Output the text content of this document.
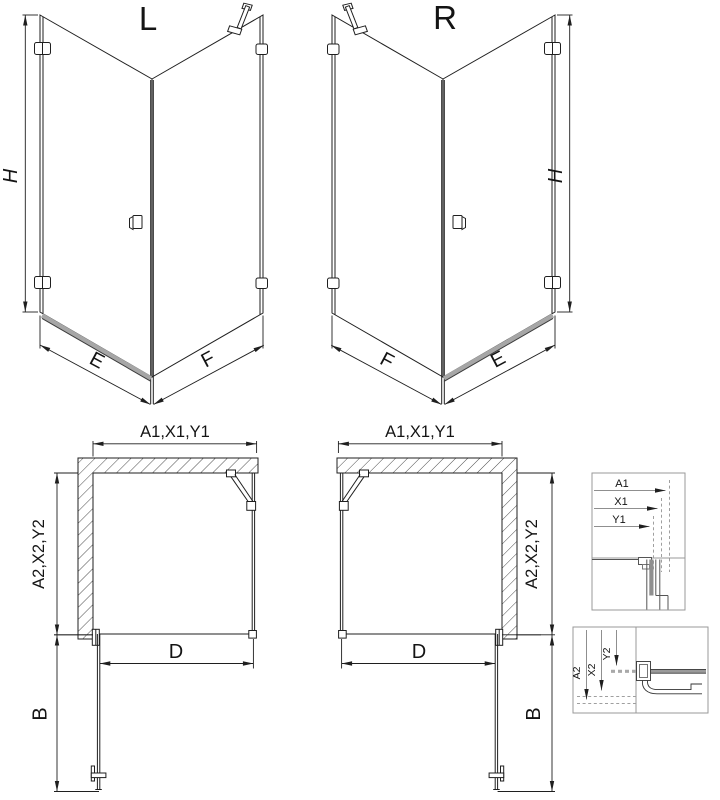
L	R
H
E	F
H
F	E
A1,X1,Y1
A2,X2,Y2
D
B
A1,X1,Y1
A2,X2,Y2
D
B
A1
X1
Y1
A2 X2
Y2
